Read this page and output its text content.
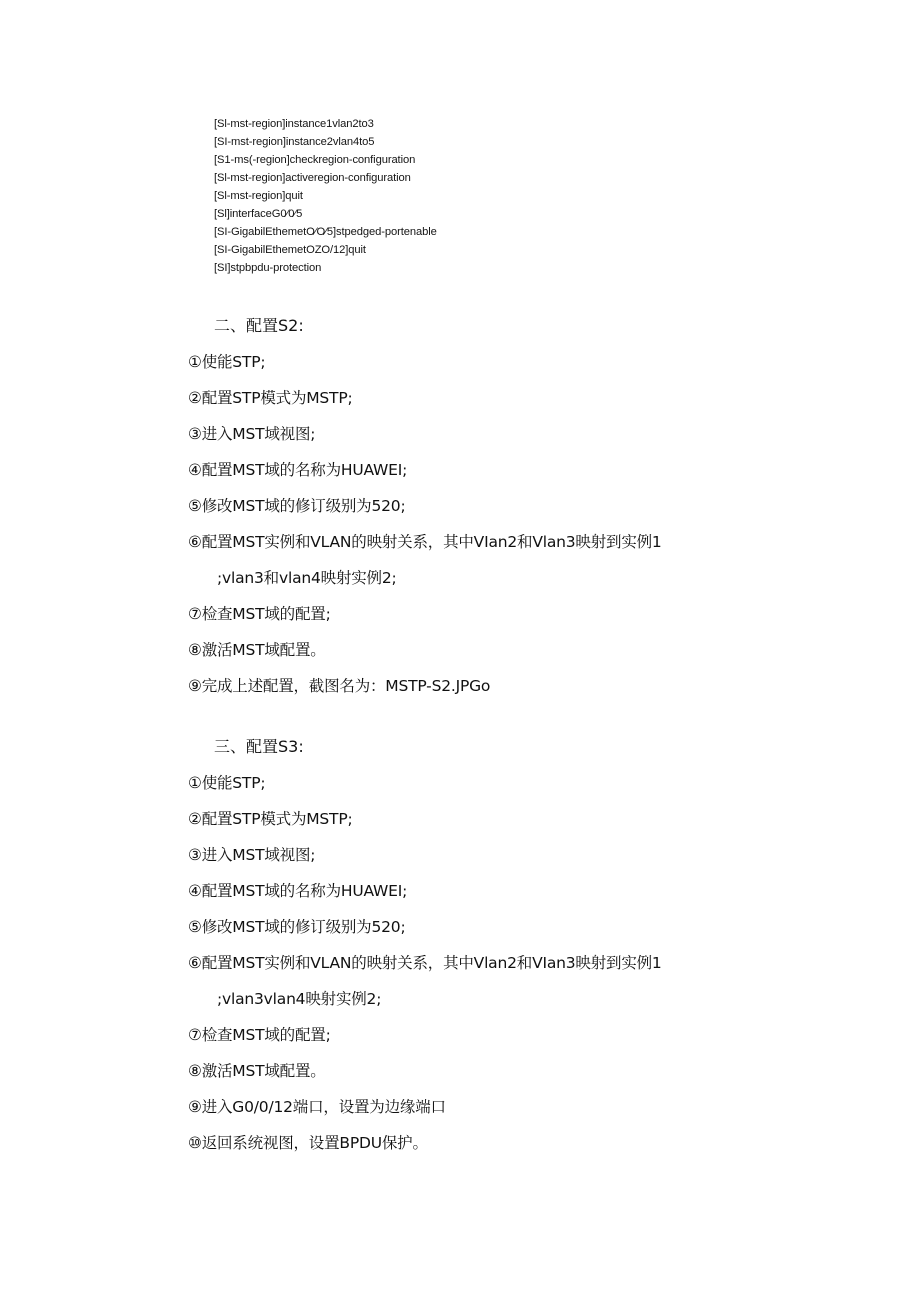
[Sl-mst-region]instance1vlan2to3
[SI-mst-region]instance2vlan4to5
[S1-ms(-region]checkregion-configuration
[Sl-mst-region]activeregion-configuration
[Sl-mst-region]quit
[Sl]interfaceG0⁄0⁄5
[SI-GigabilEthemetO⁄O⁄5]stpedged-portenable
[SI-GigabilEthemetOZO/12]quit
[SI]stpbpdu-protection
二、配置S2:
①使能STP;
②配置STP模式为MSTP;
③进入MST域视图;
④配置MST域的名称为HUAWEI;
⑤修改MST域的修订级别为520;
⑥配置MST实例和VLAN的映射关系，其中VIan2和Vlan3映射到实例1
;vlan3和vlan4映射实例2;
⑦检查MST域的配置;
⑧激活MST域配置。
⑨完成上述配置，截图名为：MSTP-S2.JPGo
三、配置S3:
①使能STP;
②配置STP模式为MSTP;
③进入MST域视图;
④配置MST域的名称为HUAWEI;
⑤修改MST域的修订级别为520;
⑥配置MST实例和VLAN的映射关系，其中Vlan2和VIan3映射到实例1
;vlan3vlan4映射实例2;
⑦检查MST域的配置;
⑧激活MST域配置。
⑨进入G0/0/12端口，设置为边缘端口
⑩返回系统视图，设置BPDU保护。
